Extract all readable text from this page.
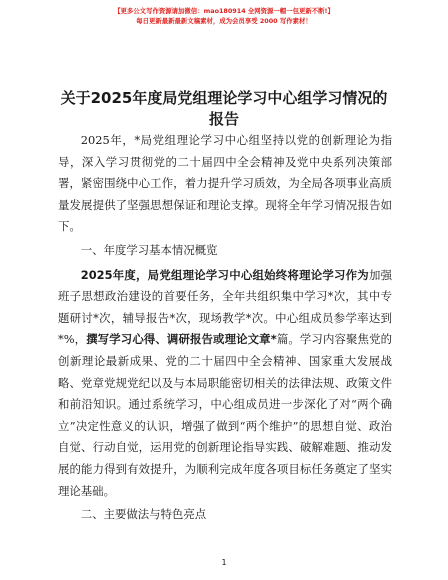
【更多公文写作资源请加微信：mao180914 全网资源一帽一包更新不断!】
每日更新最新最新文稿素材，成为会员享受 2000 写作素材！
关于2025年度局党组理论学习中心组学习情况的报告

2025年，*局党组理论学习中心组坚持以党的创新理论为指导，深入学习贯彻党的二十届四中全会精神及党中央系列决策部署，紧密围绕中心工作，着力提升学习质效，为全局各项事业高质量发展提供了坚强思想保证和理论支撑。现将全年学习情况报告如下。

一、年度学习基本情况概览

2025年度，局党组理论学习中心组始终将理论学习作为加强班子思想政治建设的首要任务，全年共组织集中学习*次，其中专题研讨*次，辅导报告*次，现场教学*次。中心组成员参学率达到*%，撰写学习心得、调研报告或理论文章*篇。学习内容聚焦党的创新理论最新成果、党的二十届四中全会精神、国家重大发展战略、党章党规党纪以及与本局职能密切相关的法律法规、政策文件和前沿知识。通过系统学习，中心组成员进一步深化了对“两个确立”决定性意义的认识，增强了做到“两个维护”的思想自觉、政治自觉、行动自觉，运用党的创新理论指导实践、破解难题、推动发展的能力得到有效提升，为顺利完成年度各项目标任务奠定了坚实理论基础。

二、主要做法与特色亮点

1
